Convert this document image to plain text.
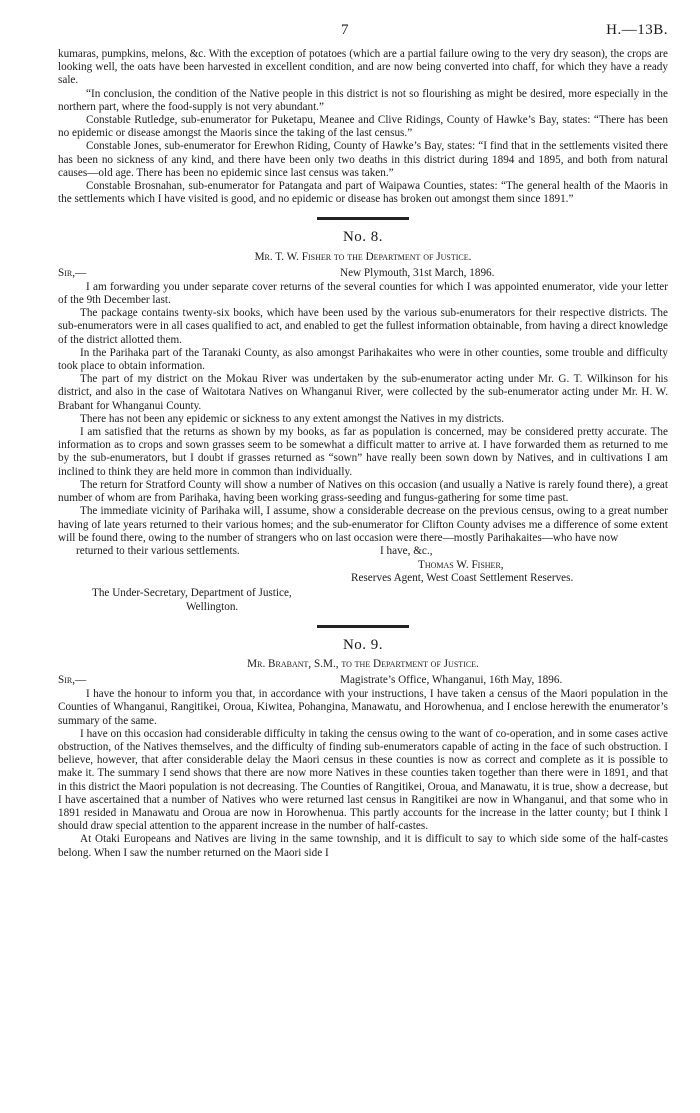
7	H.—13B.

kumaras, pumpkins, melons, &c. With the exception of potatoes (which are a partial failure owing to the very dry season), the crops are looking well, the oats have been harvested in excellent condition, and are now being converted into chaff, for which they have a ready sale.

“In conclusion, the condition of the Native people in this district is not so flourishing as might be desired, more especially in the northern part, where the food-supply is not very abundant.”

Constable Rutledge, sub-enumerator for Puketapu, Meanee and Clive Ridings, County of Hawke’s Bay, states: “There has been no epidemic or disease amongst the Maoris since the taking of the last census.”

Constable Jones, sub-enumerator for Erewhon Riding, County of Hawke’s Bay, states: “I find that in the settlements visited there has been no sickness of any kind, and there have been only two deaths in this district during 1894 and 1895, and both from natural causes—old age. There has been no epidemic since last census was taken.”

Constable Brosnahan, sub-enumerator for Patangata and part of Waipawa Counties, states: “The general health of the Maoris in the settlements which I have visited is good, and no epidemic or disease has broken out amongst them since 1891.”

No. 8.
Mr. T. W. Fisher to the Department of Justice.
Sir,—	New Plymouth, 31st March, 1896.

I am forwarding you under separate cover returns of the several counties for which I was appointed enumerator, vide your letter of the 9th December last.

The package contains twenty-six books, which have been used by the various sub-enumerators for their respective districts. The sub-enumerators were in all cases qualified to act, and enabled to get the fullest information obtainable, from having a direct knowledge of the district allotted them.

In the Parihaka part of the Taranaki County, as also amongst Parihakaites who were in other counties, some trouble and difficulty took place to obtain information.

The part of my district on the Mokau River was undertaken by the sub-enumerator acting under Mr. G. T. Wilkinson for his district, and also in the case of Waitotara Natives on Whanganui River, were collected by the sub-enumerator acting under Mr. H. W. Brabant for Whanganui County.

There has not been any epidemic or sickness to any extent amongst the Natives in my districts.

I am satisfied that the returns as shown by my books, as far as population is concerned, may be considered pretty accurate. The information as to crops and sown grasses seem to be somewhat a difficult matter to arrive at. I have forwarded them as returned to me by the sub-enumerators, but I doubt if grasses returned as “sown” have really been sown down by Natives, and in cultivations I am inclined to think they are held more in common than individually.

The return for Stratford County will show a number of Natives on this occasion (and usually a Native is rarely found there), a great number of whom are from Parihaka, having been working grass-seeding and fungus-gathering for some time past.

The immediate vicinity of Parihaka will, I assume, show a considerable decrease on the previous census, owing to a great number having of late years returned to their various homes; and the sub-enumerator for Clifton County advises me a difference of some extent will be found there, owing to the number of strangers who on last occasion were there—mostly Parihakaites—who have now

returned to their various settlements.	I have, &c.,
Thomas W. Fisher,
Reserves Agent, West Coast Settlement Reserves.
The Under-Secretary, Department of Justice,
Wellington.
No. 9.
Mr. Brabant, S.M., to the Department of Justice.
Sir,—	Magistrate’s Office, Whanganui, 16th May, 1896.

I have the honour to inform you that, in accordance with your instructions, I have taken a census of the Maori population in the Counties of Whanganui, Rangitikei, Oroua, Kiwitea, Pohangina, Manawatu, and Horowhenua, and I enclose herewith the enumerator’s summary of the same.

I have on this occasion had considerable difficulty in taking the census owing to the want of co-operation, and in some cases active obstruction, of the Natives themselves, and the difficulty of finding sub-enumerators capable of acting in the face of such obstruction. I believe, however, that after considerable delay the Maori census in these counties is now as correct and complete as it is possible to make it. The summary I send shows that there are now more Natives in these counties taken together than there were in 1891, and that in this district the Maori population is not decreasing. The Counties of Rangitikei, Oroua, and Manawatu, it is true, show a decrease, but I have ascertained that a number of Natives who were returned last census in Rangitikei are now in Whanganui, and that some who in 1891 resided in Manawatu and Oroua are now in Horowhenua. This partly accounts for the increase in the latter county; but I think I should draw special attention to the apparent increase in the number of half-castes.

At Otaki Europeans and Natives are living in the same township, and it is difficult to say to which side some of the half-castes belong. When I saw the number returned on the Maori side I
